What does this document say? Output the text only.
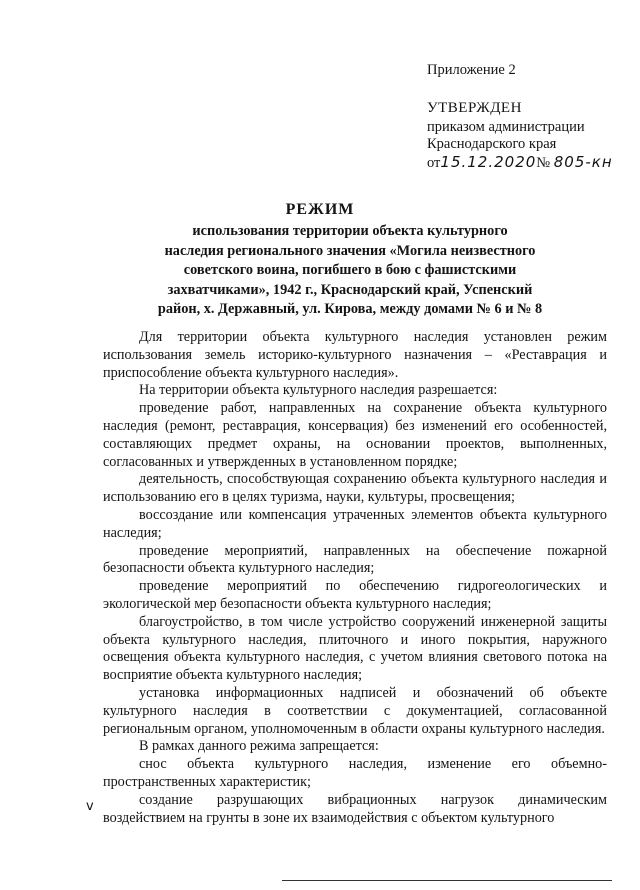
Приложение 2
УТВЕРЖДЕН
приказом администрации
Краснодарского края
от15.12.2020№ 805-кн
РЕЖИМ
использования территории объекта культурного
наследия регионального значения «Могила неизвестного
советского воина, погибшего в бою с фашистскими
захватчиками», 1942 г., Краснодарский край, Успенский
район, х. Державный, ул. Кирова, между домами № 6 и № 8

Для территории объекта культурного наследия установлен режим использования земель историко-культурного назначения – «Реставрация и приспособление объекта культурного наследия».

На территории объекта культурного наследия разрешается:

проведение работ, направленных на сохранение объекта культурного наследия (ремонт, реставрация, консервация) без изменений его особенностей, составляющих предмет охраны, на основании проектов, выполненных, согласованных и утвержденных в установленном порядке;

деятельность, способствующая сохранению объекта культурного наследия и использованию его в целях туризма, науки, культуры, просвещения;

воссоздание или компенсация утраченных элементов объекта культурного наследия;

проведение мероприятий, направленных на обеспечение пожарной безопасности объекта культурного наследия;

проведение мероприятий по обеспечению гидрогеологических и экологической мер безопасности объекта культурного наследия;

благоустройство, в том числе устройство сооружений инженерной защиты объекта культурного наследия, плиточного и иного покрытия, наружного освещения объекта культурного наследия, с учетом влияния светового потока на восприятие объекта культурного наследия;

установка информационных надписей и обозначений об объекте культурного наследия в соответствии с документацией, согласованной региональным органом, уполномоченным в области охраны культурного наследия.

В рамках данного режима запрещается:

снос объекта культурного наследия, изменение его объемно-пространственных характеристик;

создание разрушающих вибрационных нагрузок динамическим воздействием на грунты в зоне их взаимодействия с объектом культурного

v
